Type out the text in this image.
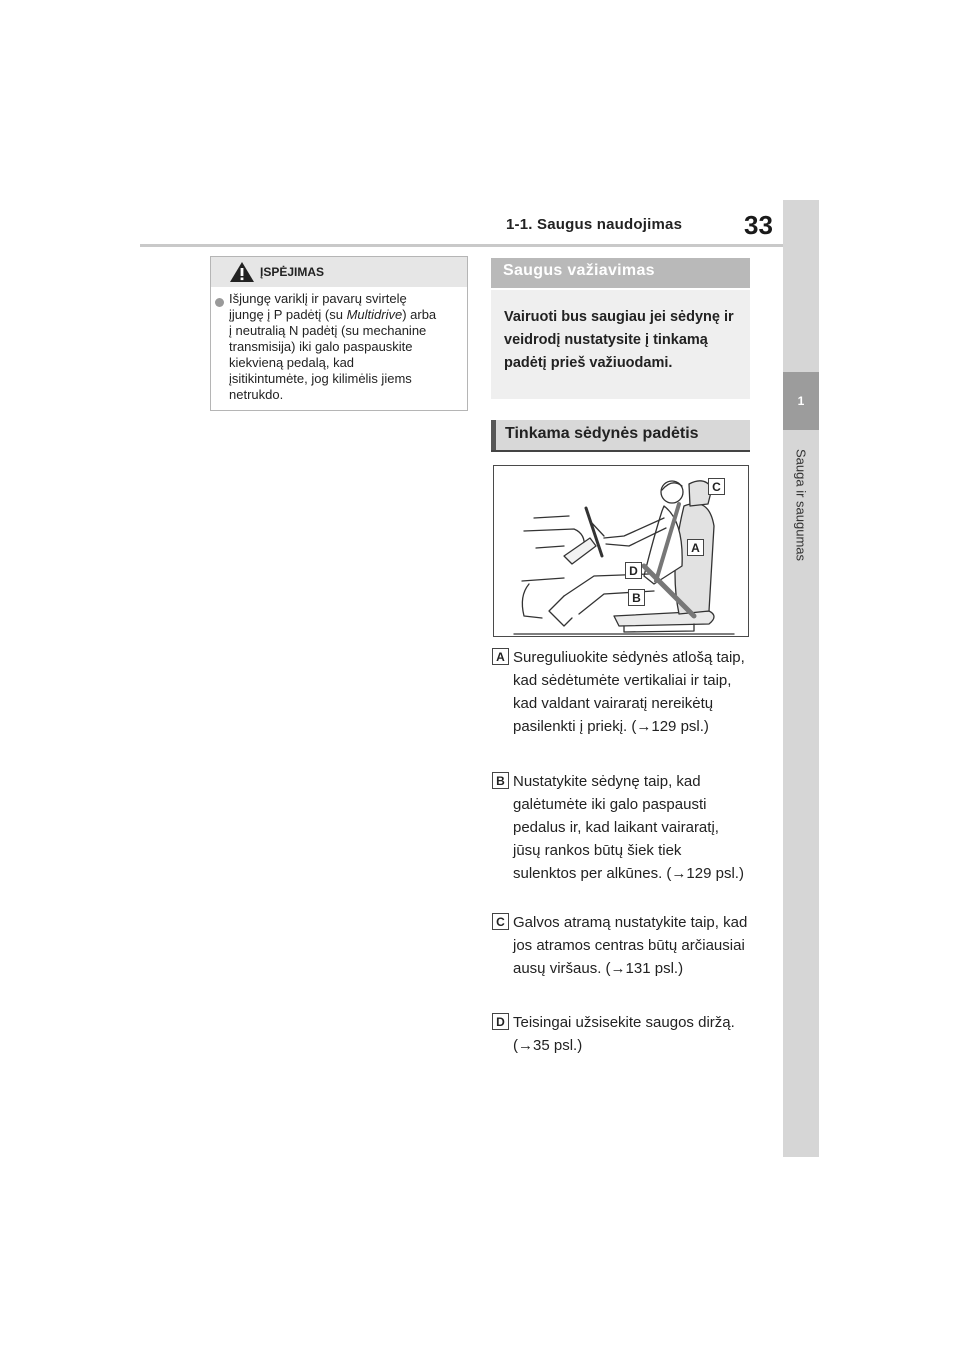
1-1. Saugus naudojimas 33
1
Sauga ir saugumas
ĮSPĖJIMAS
Išjungę variklį ir pavarų svirtelę
įjungę į P padėtį (su Multidrive) arba
į neutralią N padėtį (su mechanine
transmisija) iki galo paspauskite
kiekvieną pedalą, kad
įsitikintumėte, jog kilimėlis jiems
netrukdo.
Saugus važiavimas
Vairuoti bus saugiau jei sėdynę ir veidrodį nustatysite į tinkamą padėtį prieš važiuodami.
Tinkama sėdynės padėtis
C
A
D
B
A Sureguliuokite sėdynės atlošą taip, kad sėdėtumėte vertikaliai ir taip, kad valdant vairaratį nereikėtų pasilenkti į priekį. (→129 psl.)
B Nustatykite sėdynę taip, kad galėtumėte iki galo paspausti pedalus ir, kad laikant vairaratį, jūsų rankos būtų šiek tiek sulenktos per alkūnes. (→129 psl.)
C Galvos atramą nustatykite taip, kad jos atramos centras būtų arčiausiai ausų viršaus. (→131 psl.)
D Teisingai užsisekite saugos diržą. (→35 psl.)
